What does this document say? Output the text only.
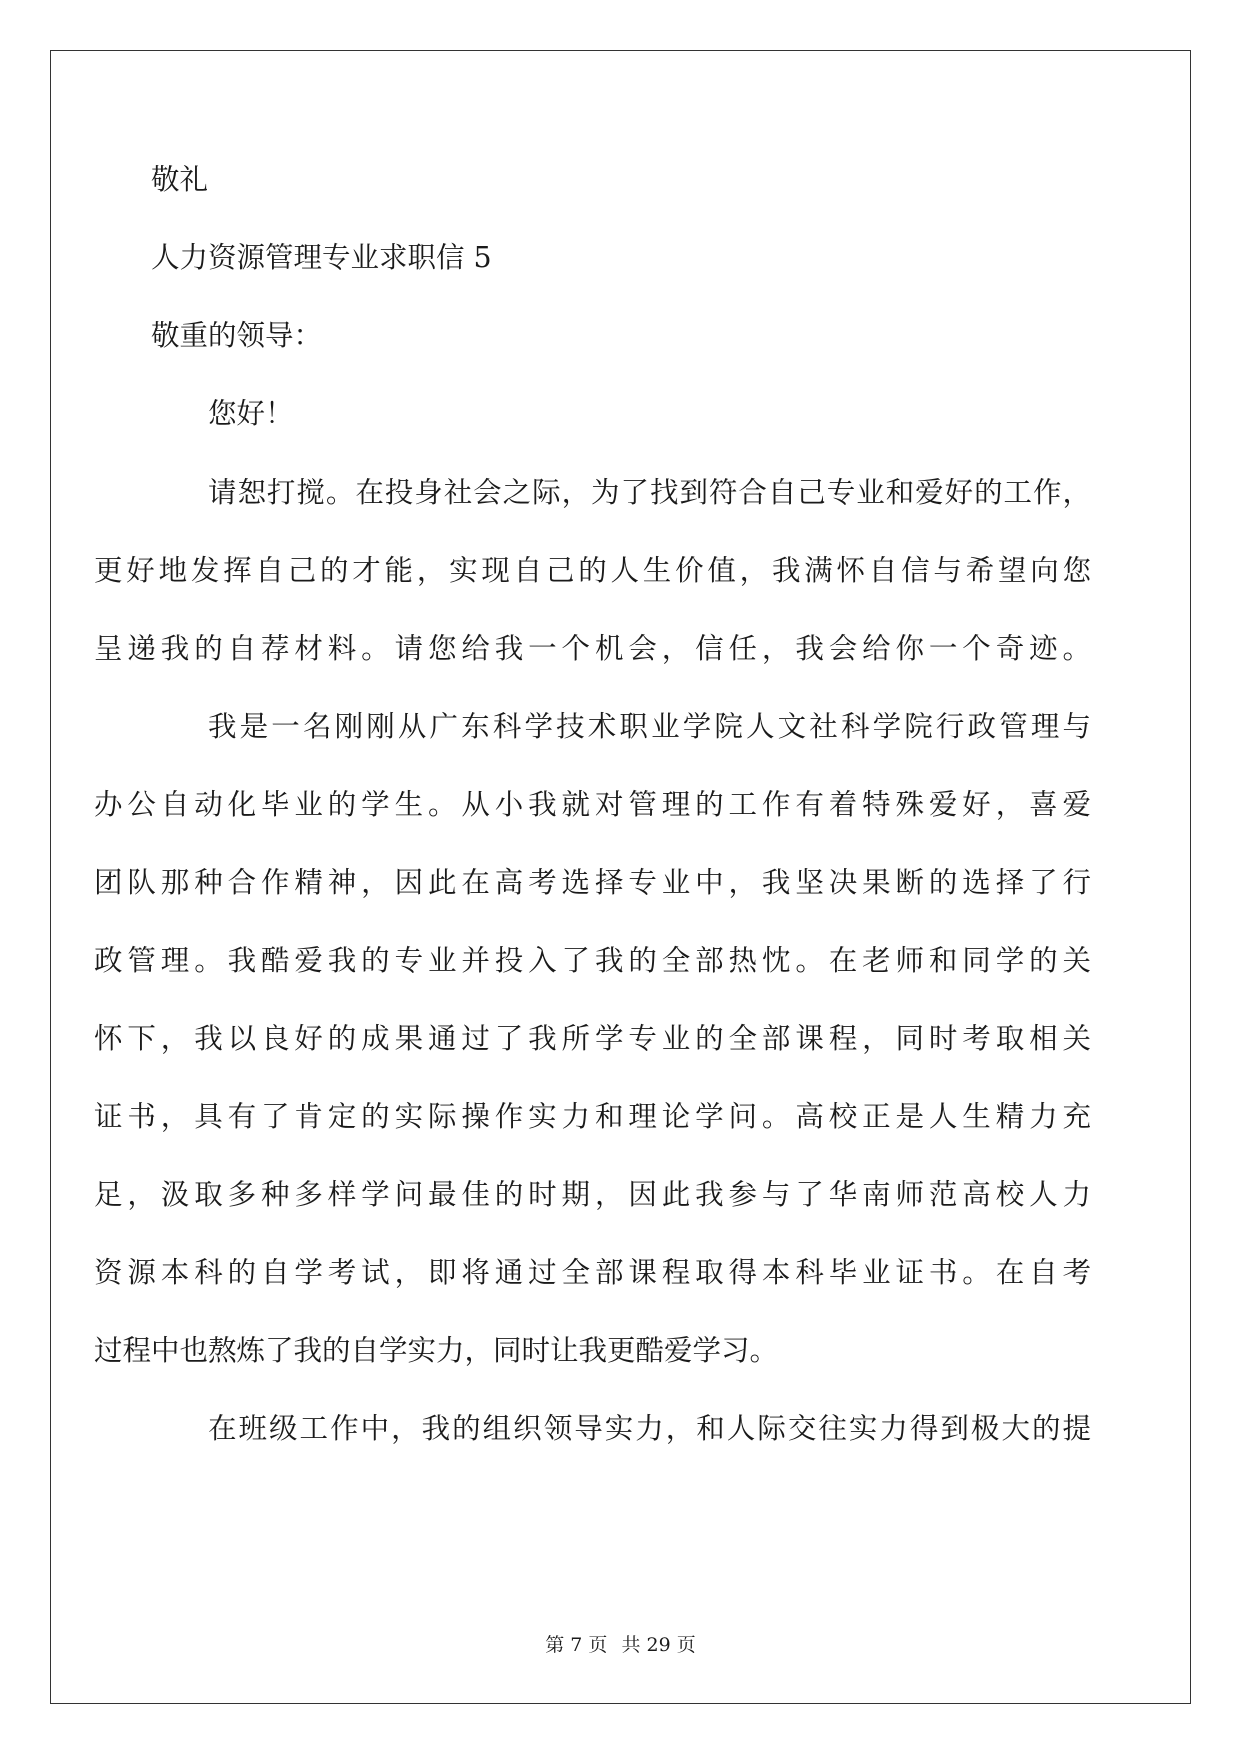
敬礼

人力资源管理专业求职信 5

敬重的领导：

您好！

请恕打搅。在投身社会之际，为了找到符合自己专业和爱好的工作，
更好地发挥自己的才能，实现自己的人生价值，我满怀自信与希望向您
呈递我的自荐材料。请您给我一个机会，信任，我会给你一个奇迹。
我是一名刚刚从广东科学技术职业学院人文社科学院行政管理与
办公自动化毕业的学生。从小我就对管理的工作有着特殊爱好，喜爱
团队那种合作精神，因此在高考选择专业中，我坚决果断的选择了行
政管理。我酷爱我的专业并投入了我的全部热忱。在老师和同学的关
怀下，我以良好的成果通过了我所学专业的全部课程，同时考取相关
证书，具有了肯定的实际操作实力和理论学问。高校正是人生精力充
足，汲取多种多样学问最佳的时期，因此我参与了华南师范高校人力
资源本科的自学考试，即将通过全部课程取得本科毕业证书。在自考
过程中也熬炼了我的自学实力，同时让我更酷爱学习。
在班级工作中，我的组织领导实力，和人际交往实力得到极大的提
第 7 页 共 29 页
